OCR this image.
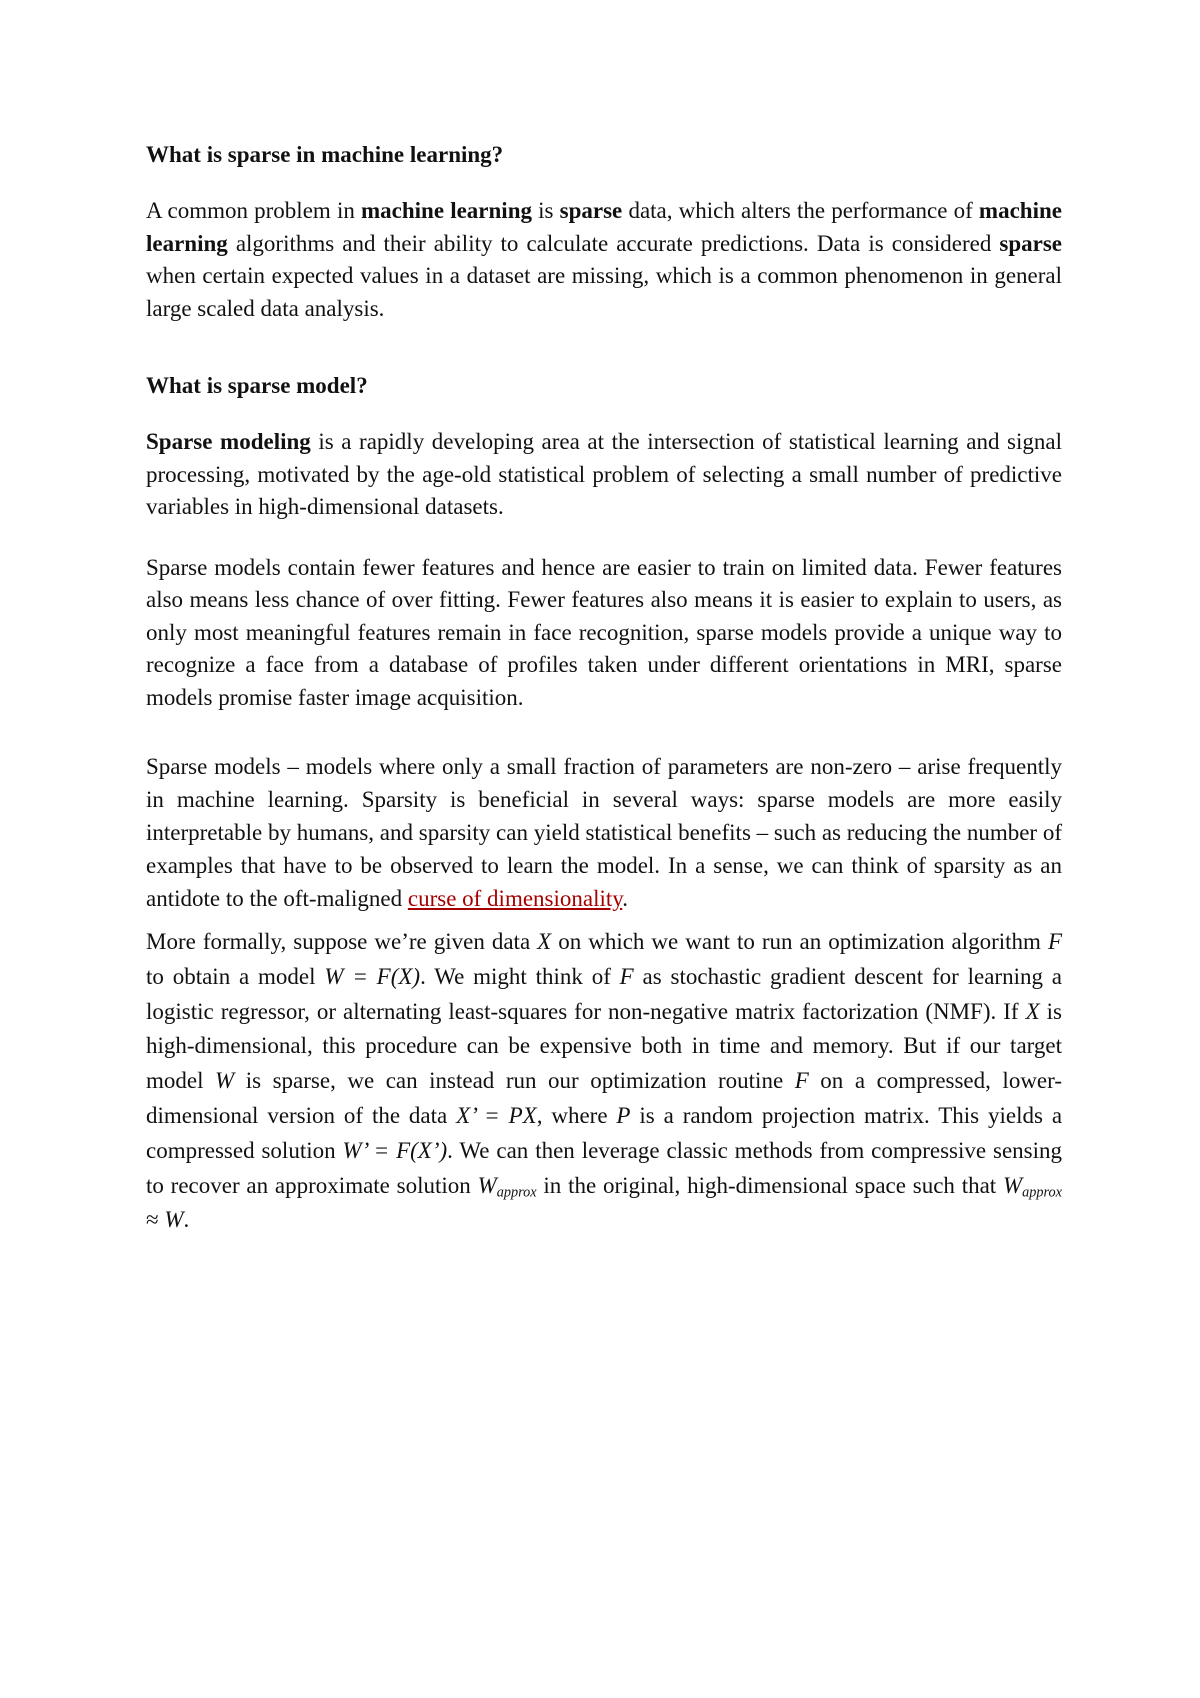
What is sparse in machine learning?

A common problem in machine learning is sparse data, which alters the performance of machine learning algorithms and their ability to calculate accurate predictions. Data is considered sparse when certain expected values in a dataset are missing, which is a common phenomenon in general large scaled data analysis.

What is sparse model?

Sparse modeling is a rapidly developing area at the intersection of statistical learning and signal processing, motivated by the age-old statistical problem of selecting a small number of predictive variables in high-dimensional datasets.

Sparse models contain fewer features and hence are easier to train on limited data. Fewer features also means less chance of over fitting. Fewer features also means it is easier to explain to users, as only most meaningful features remain in face recognition, sparse models provide a unique way to recognize a face from a database of profiles taken under different orientations in MRI, sparse models promise faster image acquisition.

Sparse models – models where only a small fraction of parameters are non-zero – arise frequently in machine learning. Sparsity is beneficial in several ways: sparse models are more easily interpretable by humans, and sparsity can yield statistical benefits – such as reducing the number of examples that have to be observed to learn the model. In a sense, we can think of sparsity as an antidote to the oft-maligned curse of dimensionality.

More formally, suppose we’re given data X on which we want to run an optimization algorithm F to obtain a model W = F(X). We might think of F as stochastic gradient descent for learning a logistic regressor, or alternating least-squares for non-negative matrix factorization (NMF). If X is high-dimensional, this procedure can be expensive both in time and memory. But if our target model W is sparse, we can instead run our optimization routine F on a compressed, lower-dimensional version of the data X’ = PX, where P is a random projection matrix. This yields a compressed solution W’ = F(X’). We can then leverage classic methods from compressive sensing to recover an approximate solution $W_{approx}$ in the original, high-dimensional space such that $W_{approx} \approx W$.
